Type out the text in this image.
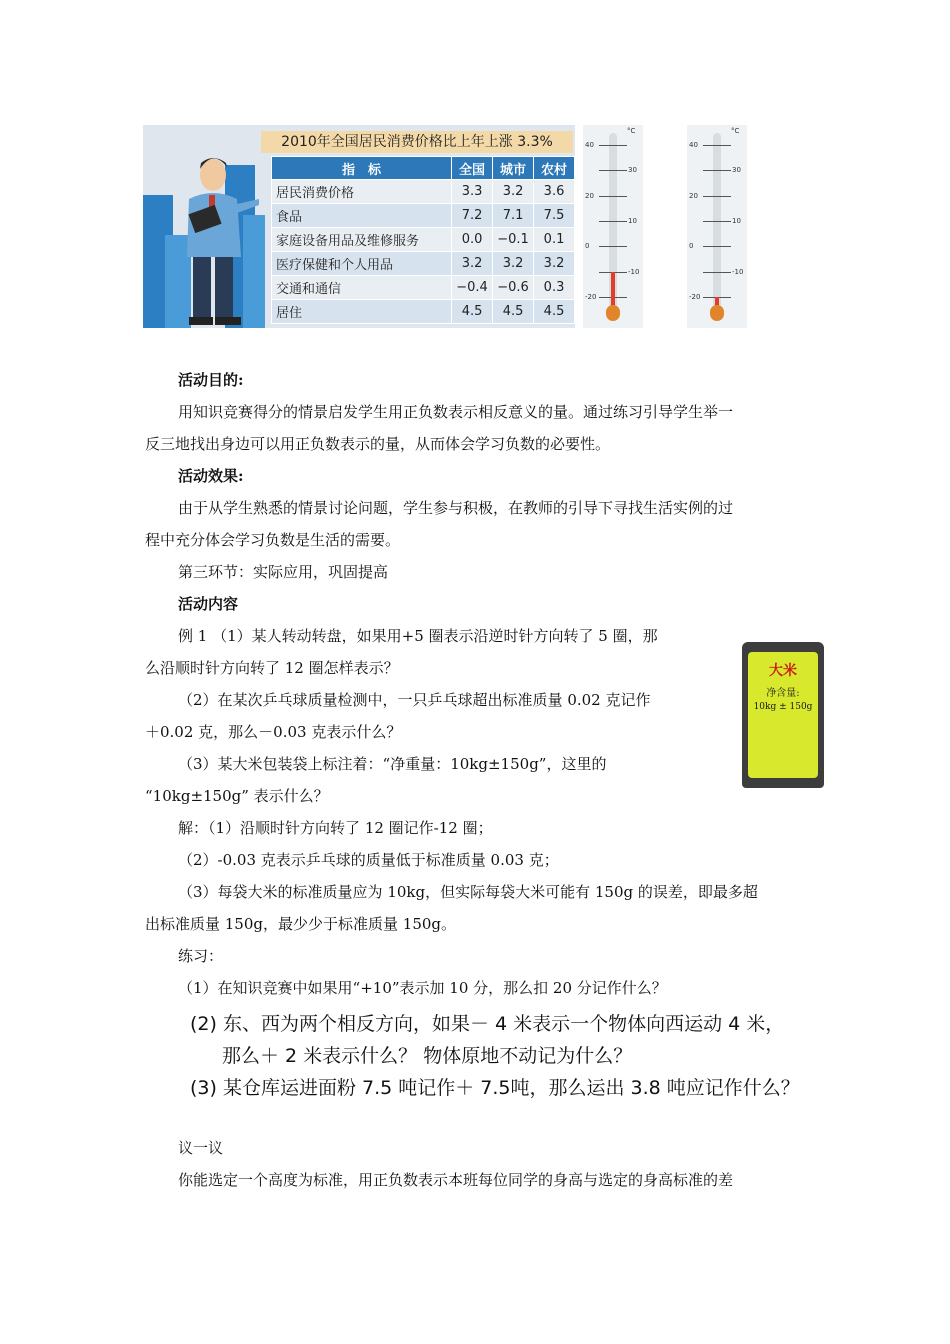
2010年全国居民消费价格比上年上涨 3.3%
指　标	全国	城市	农村
居民消费价格	3.3	3.2	3.6
食品	7.2	7.1	7.5
家庭设备用品及维修服务	0.0	−0.1	0.1
医疗保健和个人用品	3.2	3.2	3.2
交通和通信	−0.4	−0.6	0.3
居住	4.5	4.5	4.5
°C
40
30
20
10
0
-10
-20
°C
40
30
20
10
0
-10
-20
活动目的:
用知识竞赛得分的情景启发学生用正负数表示相反意义的量。通过练习引导学生举一
反三地找出身边可以用正负数表示的量，从而体会学习负数的必要性。
活动效果:
由于从学生熟悉的情景讨论问题，学生参与积极，在教师的引导下寻找生活实例的过
程中充分体会学习负数是生活的需要。
第三环节：实际应用，巩固提高
活动内容
例 1 （1）某人转动转盘，如果用+5 圈表示沿逆时针方向转了 5 圈，那
么沿顺时针方向转了 12 圈怎样表示？
（2）在某次乒乓球质量检测中，一只乒乓球超出标准质量 0.02 克记作
＋0.02 克，那么－0.03 克表示什么？
（3）某大米包装袋上标注着：“净重量：10kg±150g”，这里的
“10kg±150g” 表示什么？
大米
净含量:
10kg ± 150g
解：（1）沿顺时针方向转了 12 圈记作-12 圈；
（2）-0.03 克表示乒乓球的质量低于标准质量 0.03 克；
（3）每袋大米的标准质量应为 10kg，但实际每袋大米可能有 150g 的误差，即最多超
出标准质量 150g，最少少于标准质量 150g。
练习：
（1）在知识竞赛中如果用“+10”表示加 10 分，那么扣 20 分记作什么？
(2) 东、西为两个相反方向，如果－ 4 米表示一个物体向西运动 4 米，
那么＋ 2 米表示什么？ 物体原地不动记为什么？
(3) 某仓库运进面粉 7.5 吨记作＋ 7.5吨，那么运出 3.8 吨应记作什么？
议一议
你能选定一个高度为标准，用正负数表示本班每位同学的身高与选定的身高标准的差
